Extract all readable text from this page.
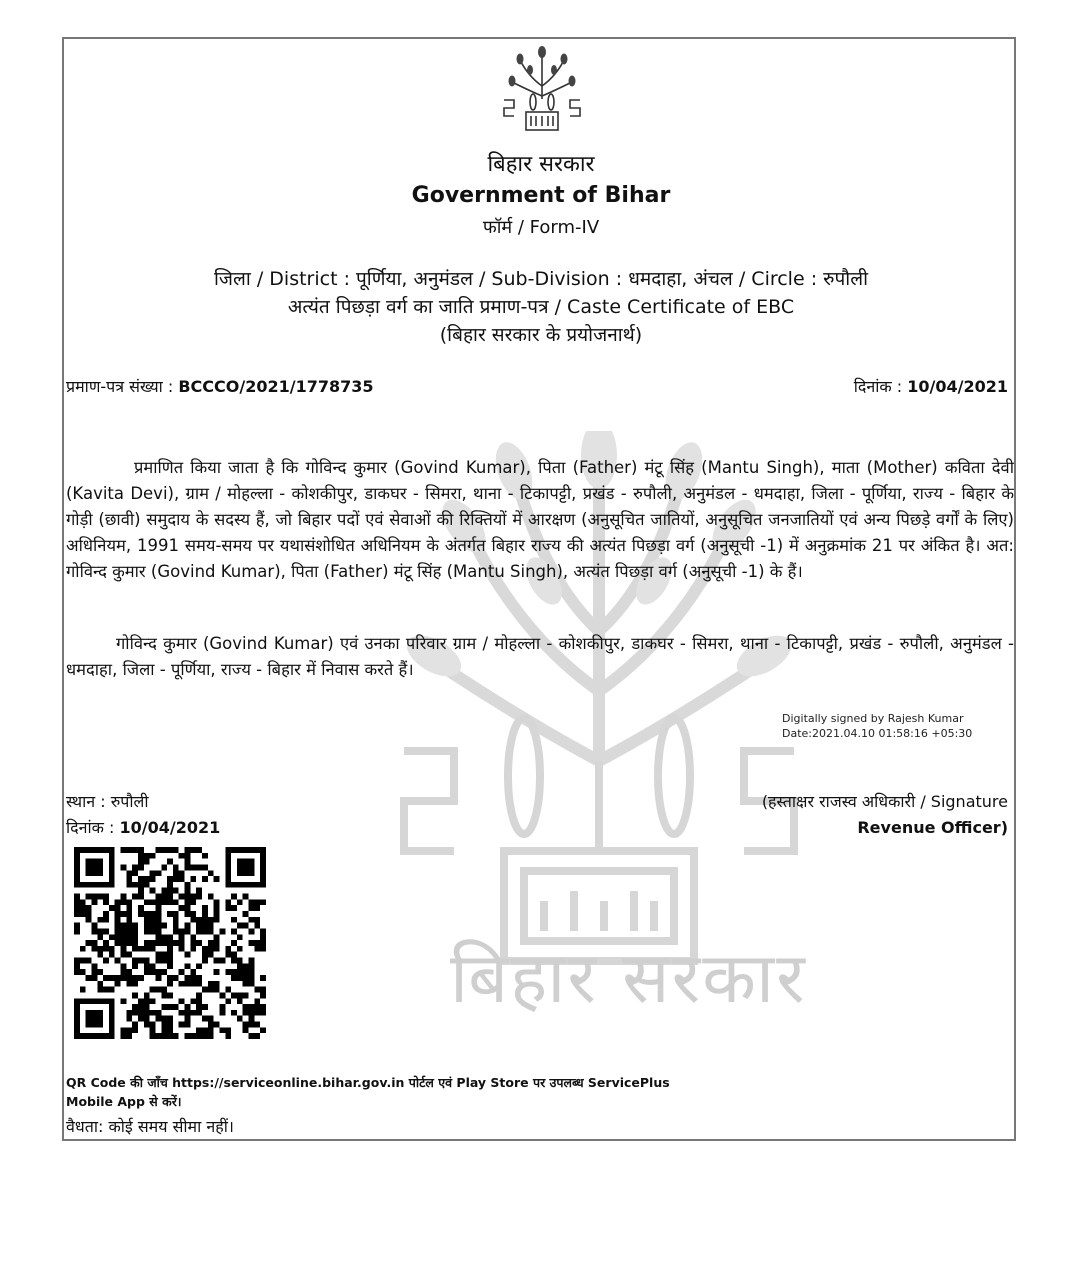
बिहार सरकार
बिहार सरकार
Government of Bihar
फॉर्म / Form-IV
जिला / District : पूर्णिया, अनुमंडल / Sub-Division : धमदाहा, अंचल / Circle : रुपौली
अत्यंत पिछड़ा वर्ग का जाति प्रमाण-पत्र / Caste Certificate of EBC
(बिहार सरकार के प्रयोजनार्थ)
प्रमाण-पत्र संख्या : BCCCO/2021/1778735	दिनांक : 10/04/2021
प्रमाणित किया जाता है कि गोविन्द कुमार (Govind Kumar), पिता (Father) मंटू सिंह (Mantu Singh), माता (Mother) कविता देवी (Kavita Devi), ग्राम / मोहल्ला - कोशकीपुर, डाकघर - सिमरा, थाना - टिकापट्टी, प्रखंड - रुपौली, अनुमंडल - धमदाहा, जिला - पूर्णिया, राज्य - बिहार के गोड़ी (छावी) समुदाय के सदस्य हैं, जो बिहार पदों एवं सेवाओं की रिक्तियों में आरक्षण (अनुसूचित जातियों, अनुसूचित जनजातियों एवं अन्य पिछड़े वर्गों के लिए) अधिनियम, 1991 समय-समय पर यथासंशोधित अधिनियम के अंतर्गत बिहार राज्य की अत्यंत पिछड़ा वर्ग (अनुसूची -1) में अनुक्रमांक 21 पर अंकित है। अत: गोविन्द कुमार (Govind Kumar), पिता (Father) मंटू सिंह (Mantu Singh), अत्यंत पिछड़ा वर्ग (अनुसूची -1) के हैं।
गोविन्द कुमार (Govind Kumar) एवं उनका परिवार ग्राम / मोहल्ला - कोशकीपुर, डाकघर - सिमरा, थाना - टिकापट्टी, प्रखंड - रुपौली, अनुमंडल - धमदाहा, जिला - पूर्णिया, राज्य - बिहार में निवास करते हैं।
Digitally signed by Rajesh Kumar
Date:2021.04.10 01:58:16 +05:30
(हस्ताक्षर राजस्व अधिकारी / Signature
Revenue Officer)
स्थान : रुपौली
दिनांक : 10/04/2021
QR Code की जाँच https://serviceonline.bihar.gov.in पोर्टल एवं Play Store पर उपलब्ध ServicePlus
Mobile App से करें।
वैधता: कोई समय सीमा नहीं।
